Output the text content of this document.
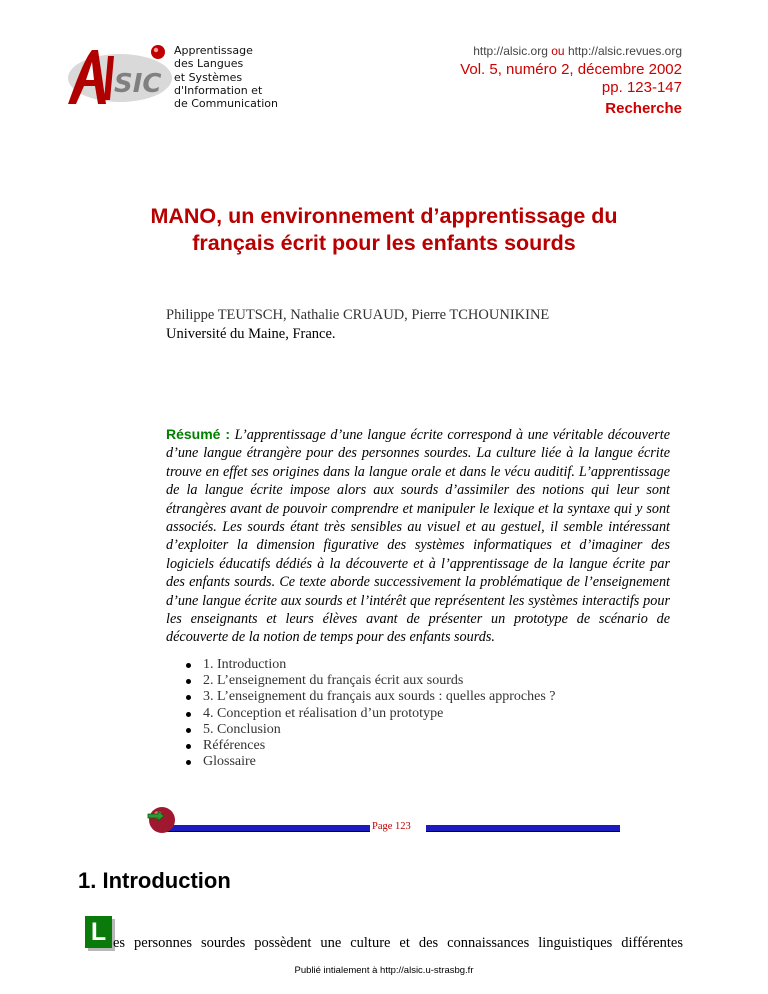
SIC
Apprentissage
des Langues
et Systèmes
d'Information et
de Communication
http://alsic.org ou http://alsic.revues.org
Vol. 5, numéro 2, décembre 2002
pp. 123-147
Recherche
MANO, un environnement d’apprentissage du
français écrit pour les enfants sourds
Philippe TEUTSCH, Nathalie CRUAUD, Pierre TCHOUNIKINE
Université du Maine, France.
Résumé : L’apprentissage d’une langue écrite correspond à une véritable découverte d’une langue étrangère pour des personnes sourdes. La culture liée à la langue écrite trouve en effet ses origines dans la langue orale et dans le vécu auditif. L’apprentissage de la langue écrite impose alors aux sourds d’assimiler des notions qui leur sont étrangères avant de pouvoir comprendre et manipuler le lexique et la syntaxe qui y sont associés. Les sourds étant très sensibles au visuel et au gestuel, il semble intéressant d’exploiter la dimension figurative des systèmes informatiques et d’imaginer des logiciels éducatifs dédiés à la découverte et à l’apprentissage de la langue écrite par des enfants sourds. Ce texte aborde successivement la problématique de l’enseignement d’une langue écrite aux sourds et l’intérêt que représentent les systèmes interactifs pour les enseignants et leurs élèves avant de présenter un prototype de scénario de découverte de la notion de temps pour des enfants sourds.
1. Introduction
2. L’enseignement du français écrit aux sourds
3. L’enseignement du français aux sourds : quelles approches ?
4. Conception et réalisation d’un prototype
5. Conclusion
Références
Glossaire
Page 123
1. Introduction
L es personnes sourdes possèdent une culture et des connaissances linguistiques différentes
Publié intialement à http://alsic.u-strasbg.fr
